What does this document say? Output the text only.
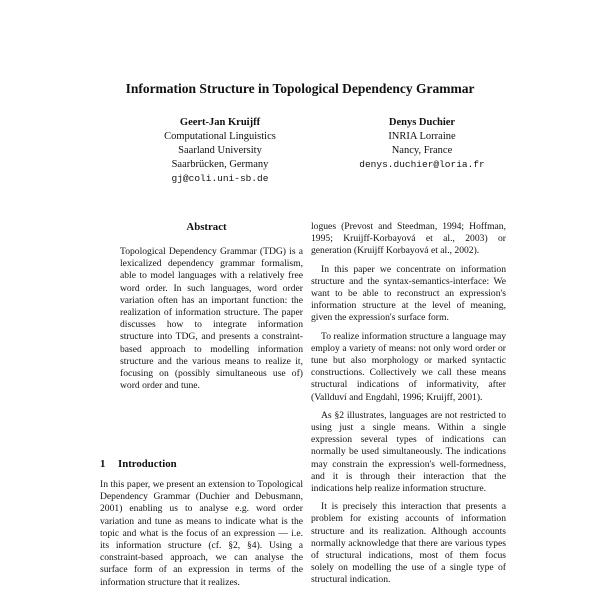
Information Structure in Topological Dependency Grammar
Geert-Jan Kruijff
Computational Linguistics
Saarland University
Saarbrücken, Germany
gj@coli.uni-sb.de
Denys Duchier
INRIA Lorraine
Nancy, France
denys.duchier@loria.fr
Abstract

Topological Dependency Grammar (TDG) is a lexicalized dependency grammar formalism, able to model languages with a relatively free word order. In such languages, word order variation often has an important function: the realization of information structure. The paper discusses how to integrate information structure into TDG, and presents a constraint-based approach to modelling information structure and the various means to realize it, focusing on (possibly simultaneous use of) word order and tune.

1 Introduction

In this paper, we present an extension to Topological Dependency Grammar (Duchier and Debusmann, 2001) enabling us to analyse e.g. word order variation and tune as means to indicate what is the topic and what is the focus of an expression — i.e. its information structure (cf. §2, §4). Using a constraint-based approach, we can analyse the surface form of an expression in terms of the information structure that it realizes.

logues (Prevost and Steedman, 1994; Hoffman, 1995; Kruijff-Korbayová et al., 2003) or generation (Kruijff Korbayová et al., 2002).

In this paper we concentrate on information structure and the syntax-semantics-interface: We want to be able to reconstruct an expression's information structure at the level of meaning, given the expression's surface form.

To realize information structure a language may employ a variety of means: not only word order or tune but also morphology or marked syntactic constructions. Collectively we call these means structural indications of informativity, after (Vallduví and Engdahl, 1996; Kruijff, 2001).

As §2 illustrates, languages are not restricted to using just a single means. Within a single expression several types of indications can normally be used simultaneously. The indications may constrain the expression's well-formedness, and it is through their interaction that the indications help realize information structure.

It is precisely this interaction that presents a problem for existing accounts of information structure and its realization. Although accounts normally acknowledge that there are various types of structural indications, most of them focus solely on modelling the use of a single type of structural indication.
